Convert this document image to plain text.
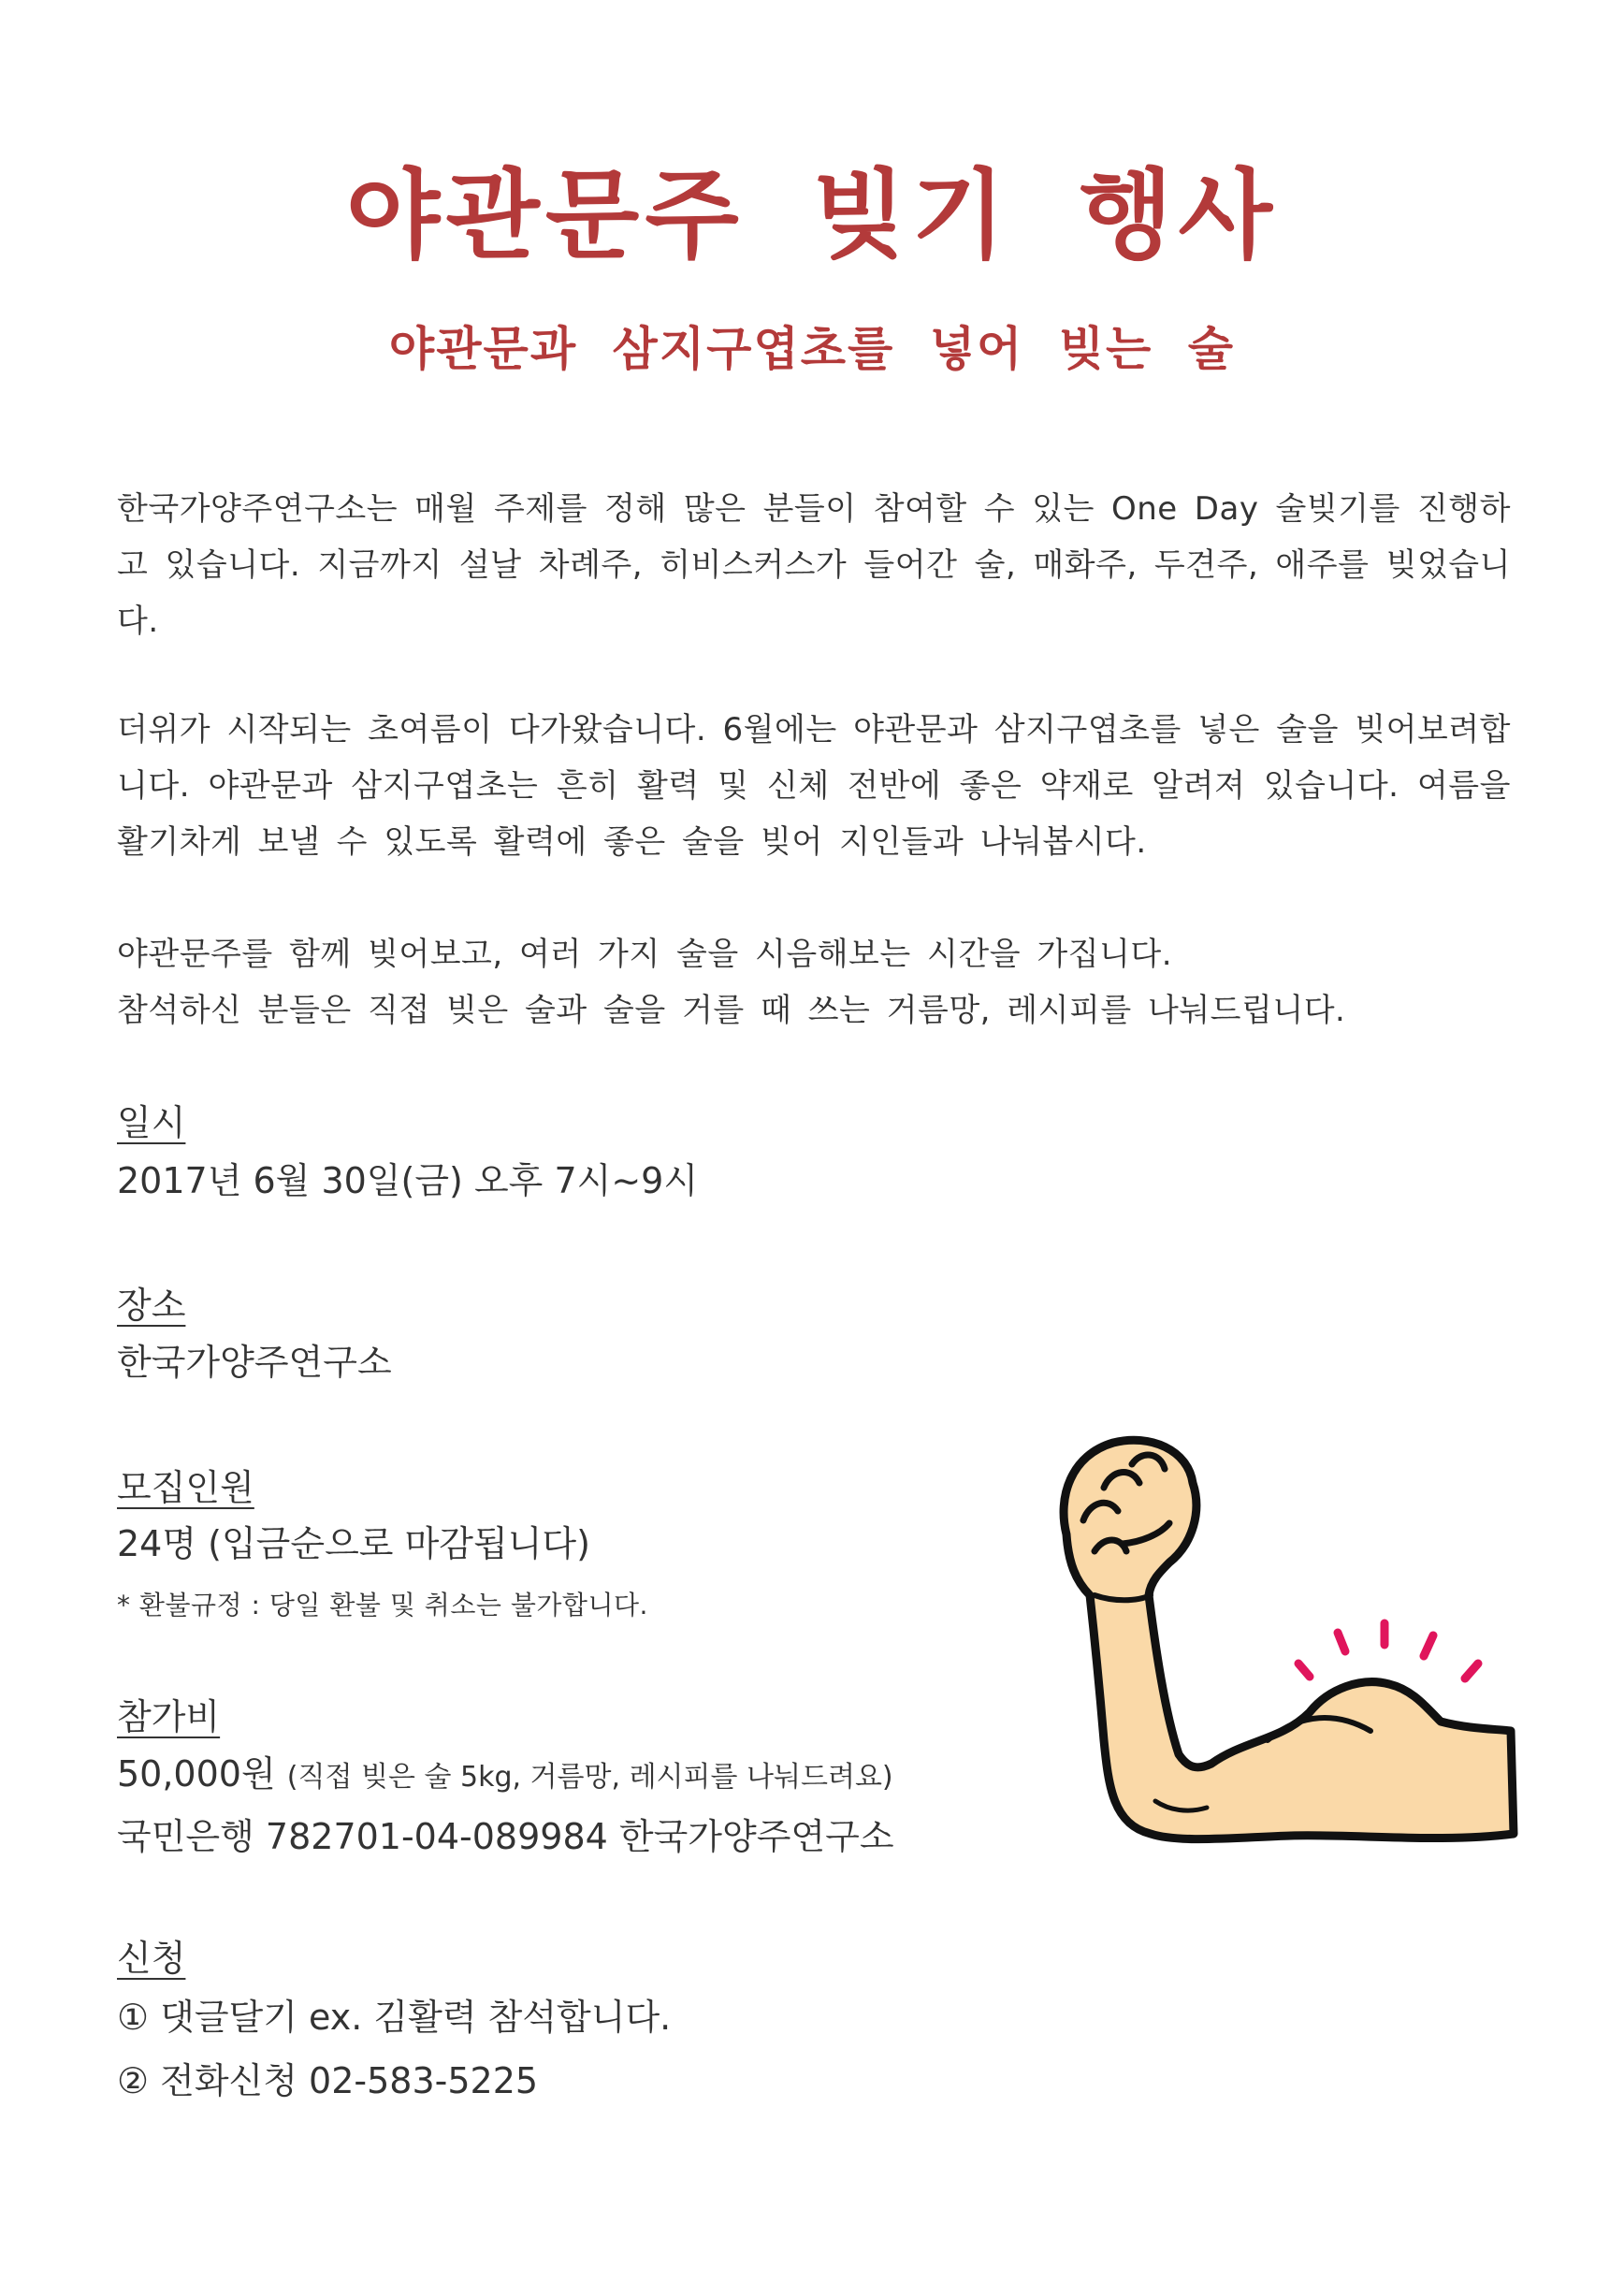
야관문주 빚기 행사
야관문과 삼지구엽초를 넣어 빚는 술

한국가양주연구소는 매월 주제를 정해 많은 분들이 참여할 수 있는 One Day 술빚기를 진행하고 있습니다. 지금까지 설날 차례주, 히비스커스가 들어간 술, 매화주, 두견주, 애주를 빚었습니다.

더위가 시작되는 초여름이 다가왔습니다. 6월에는 야관문과 삼지구엽초를 넣은 술을 빚어보려합니다. 야관문과 삼지구엽초는 흔히 활력 및 신체 전반에 좋은 약재로 알려져 있습니다. 여름을 활기차게 보낼 수 있도록 활력에 좋은 술을 빚어 지인들과 나눠봅시다.

야관문주를 함께 빚어보고, 여러 가지 술을 시음해보는 시간을 가집니다.
참석하신 분들은 직접 빚은 술과 술을 거를 때 쓰는 거름망, 레시피를 나눠드립니다.

일시

2017년 6월 30일(금) 오후 7시~9시

장소

한국가양주연구소

모집인원

24명 (입금순으로 마감됩니다)

* 환불규정 : 당일 환불 및 취소는 불가합니다.

참가비

50,000원 (직접 빚은 술 5kg, 거름망, 레시피를 나눠드려요)

국민은행 782701-04-089984 한국가양주연구소

신청

① 댓글달기 ex. 김활력 참석합니다.

② 전화신청 02-583-5225
